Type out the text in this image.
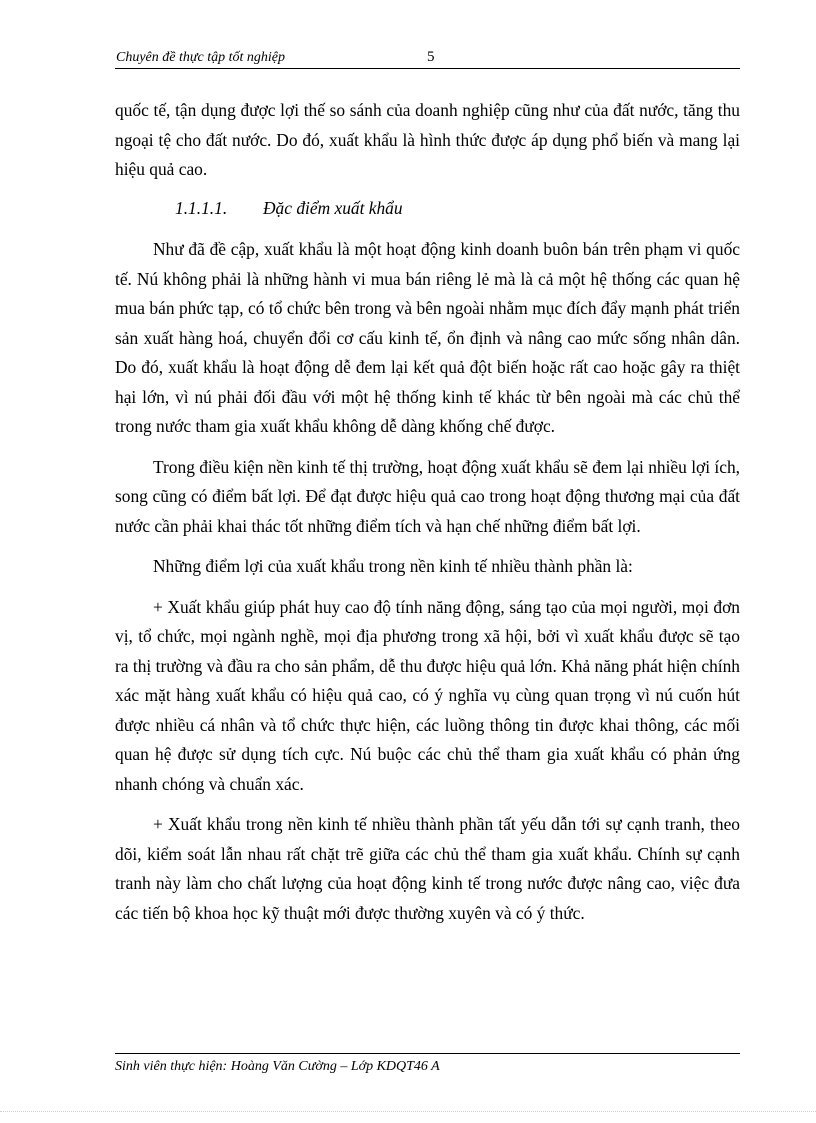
Chuyên đề thực tập tốt nghiệp	5

quốc tế, tận dụng được lợi thế so sánh của doanh nghiệp cũng như của đất nước, tăng thu ngoại tệ cho đất nước. Do đó, xuất khẩu là hình thức được áp dụng phổ biến và mang lại hiệu quả cao.

1.1.1.1. Đặc điểm xuất khẩu

Như đã đề cập, xuất khẩu là một hoạt động kinh doanh buôn bán trên phạm vi quốc tế. Nú không phải là những hành vi mua bán riêng lẻ mà là cả một hệ thống các quan hệ mua bán phức tạp, có tổ chức bên trong và bên ngoài nhằm mục đích đẩy mạnh phát triển sản xuất hàng hoá, chuyển đổi cơ cấu kinh tế, ổn định và nâng cao mức sống nhân dân. Do đó, xuất khẩu là hoạt động dễ đem lại kết quả đột biến hoặc rất cao hoặc gây ra thiệt hại lớn, vì nú phải đối đầu với một hệ thống kinh tế khác từ bên ngoài mà các chủ thể trong nước tham gia xuất khẩu không dễ dàng khống chế được.

Trong điều kiện nền kinh tế thị trường, hoạt động xuất khẩu sẽ đem lại nhiều lợi ích, song cũng có điểm bất lợi. Để đạt được hiệu quả cao trong hoạt động thương mại của đất nước cần phải khai thác tốt những điểm tích và hạn chế những điểm bất lợi.

Những điểm lợi của xuất khẩu trong nền kinh tế nhiều thành phần là:

+ Xuất khẩu giúp phát huy cao độ tính năng động, sáng tạo của mọi người, mọi đơn vị, tổ chức, mọi ngành nghề, mọi địa phương trong xã hội, bởi vì xuất khẩu được sẽ tạo ra thị trường và đầu ra cho sản phẩm, dễ thu được hiệu quả lớn. Khả năng phát hiện chính xác mặt hàng xuất khẩu có hiệu quả cao, có ý nghĩa vụ cùng quan trọng vì nú cuốn hút được nhiều cá nhân và tổ chức thực hiện, các luồng thông tin được khai thông, các mối quan hệ được sử dụng tích cực. Nú buộc các chủ thể tham gia xuất khẩu có phản ứng nhanh chóng và chuẩn xác.

+ Xuất khẩu trong nền kinh tế nhiều thành phần tất yếu dẫn tới sự cạnh tranh, theo dõi, kiểm soát lẫn nhau rất chặt trẽ giữa các chủ thể tham gia xuất khẩu. Chính sự cạnh tranh này làm cho chất lượng của hoạt động kinh tế trong nước được nâng cao, việc đưa các tiến bộ khoa học kỹ thuật mới được thường xuyên và có ý thức.

Sinh viên thực hiện: Hoàng Văn Cường – Lớp KDQT46 A
